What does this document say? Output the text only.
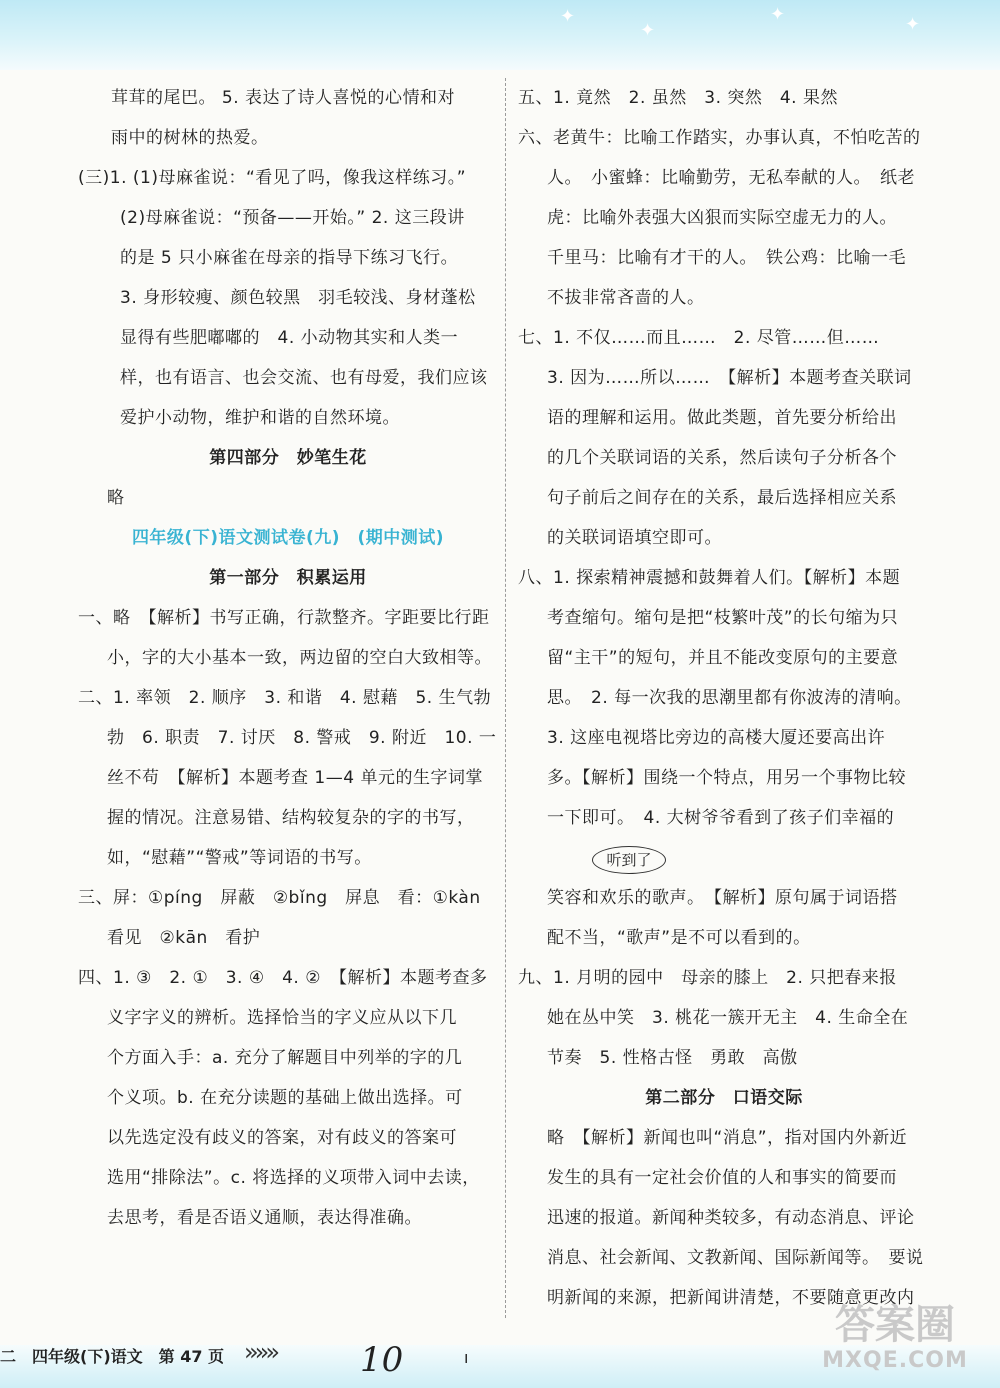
✦
✦
✦	✦
茸茸的尾巴。 5. 表达了诗人喜悦的心情和对
雨中的树林的热爱。
(三)1. (1)母麻雀说：“看见了吗，像我这样练习。”
(2)母麻雀说：“预备——开始。” 2. 这三段讲
的是 5 只小麻雀在母亲的指导下练习飞行。
3. 身形较瘦、颜色较黑　羽毛较浅、身材蓬松
显得有些肥嘟嘟的　4. 小动物其实和人类一
样，也有语言、也会交流、也有母爱，我们应该
爱护小动物，维护和谐的自然环境。
第四部分　妙笔生花
略
四年级(下)语文测试卷(九)　(期中测试)
第一部分　积累运用
一、略　【解析】书写正确，行款整齐。字距要比行距
小，字的大小基本一致，两边留的空白大致相等。
二、1. 率领　2. 顺序　3. 和谐　4. 慰藉　5. 生气勃
勃　6. 职责　7. 讨厌　8. 警戒　9. 附近　10. 一
丝不苟　【解析】本题考查 1—4 单元的生字词掌
握的情况。注意易错、结构较复杂的字的书写，
如，“慰藉”“警戒”等词语的书写。
三、屏：①píng　屏蔽　②bǐng　屏息　看：①kàn
看见　②kān　看护
四、1. ③　2. ①　3. ④　4. ②　【解析】本题考查多
义字字义的辨析。选择恰当的字义应从以下几
个方面入手：a. 充分了解题目中列举的字的几
个义项。b. 在充分读题的基础上做出选择。可
以先选定没有歧义的答案，对有歧义的答案可
选用“排除法”。c. 将选择的义项带入词中去读，
去思考，看是否语义通顺，表达得准确。
五、1. 竟然　2. 虽然　3. 突然　4. 果然
六、老黄牛：比喻工作踏实，办事认真，不怕吃苦的
人。　小蜜蜂：比喻勤劳，无私奉献的人。　纸老
虎：比喻外表强大凶狠而实际空虚无力的人。
千里马：比喻有才干的人。　铁公鸡：比喻一毛
不拔非常吝啬的人。
七、1. 不仅……而且……　2. 尽管……但……
3. 因为……所以……　【解析】本题考查关联词
语的理解和运用。做此类题，首先要分析给出
的几个关联词语的关系，然后读句子分析各个
句子前后之间存在的关系，最后选择相应关系
的关联词语填空即可。
八、1. 探索精神震撼和鼓舞着人们。【解析】本题
考查缩句。缩句是把“枝繁叶茂”的长句缩为只
留“主干”的短句，并且不能改变原句的主要意
思。　2. 每一次我的思潮里都有你波涛的清响。
3. 这座电视塔比旁边的高楼大厦还要高出许
多。【解析】围绕一个特点，用另一个事物比较
一下即可。　4. 大树爷爷看到了孩子们幸福的
笑容和欢乐的歌声。　【解析】原句属于词语搭
配不当，“歌声”是不可以看到的。
九、1. 月明的园中　母亲的膝上　2. 只把春来报
她在丛中笑　3. 桃花一簇开无主　4. 生命全在
节奏　5. 性格古怪　勇敢　高傲
第二部分　口语交际
略　【解析】新闻也叫“消息”，指对国内外新近
发生的具有一定社会价值的人和事实的简要而
迅速的报道。新闻种类较多，有动态消息、评论
消息、社会新闻、文教新闻、国际新闻等。　要说
明新闻的来源，把新闻讲清楚，不要随意更改内
听到了
二　四年级(下)语文　第 47 页 »»» 10	ı
答案圈
MXQE.COM
